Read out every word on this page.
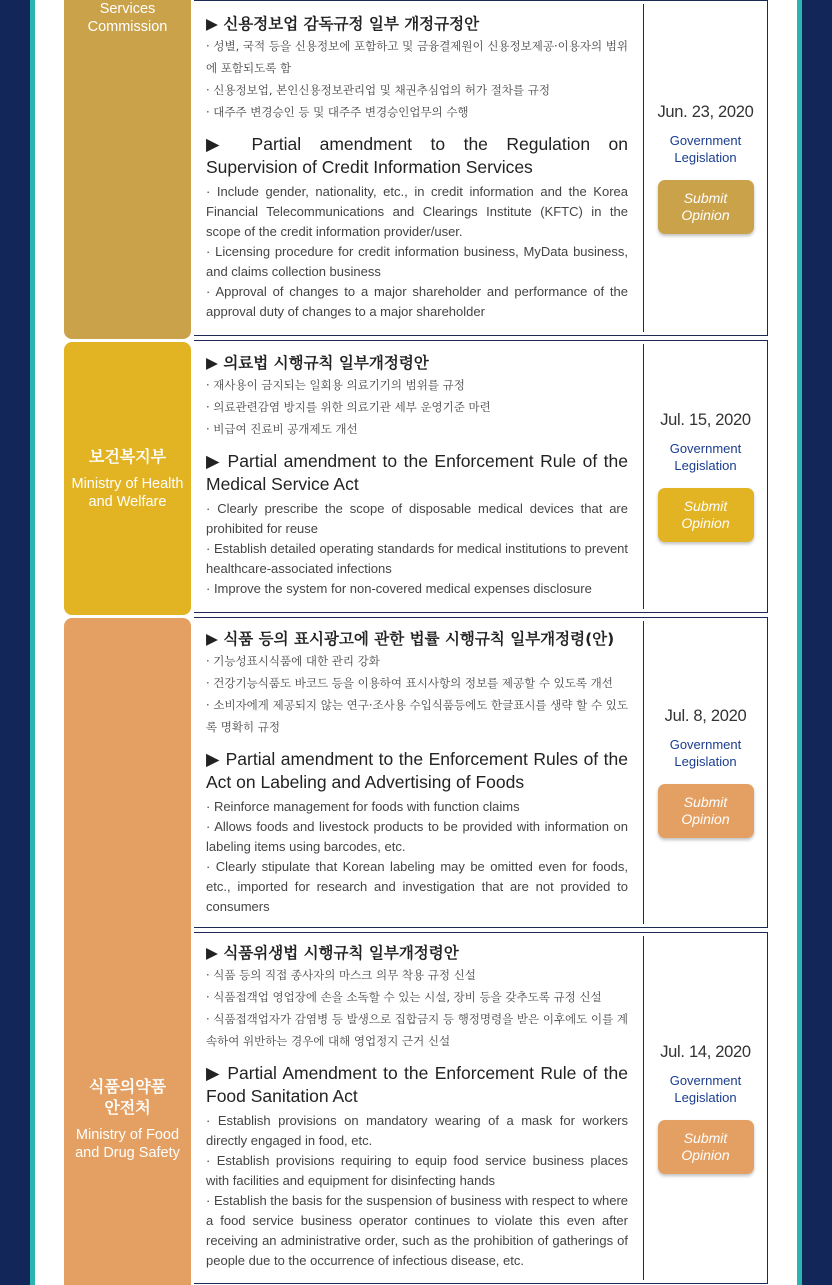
Services
Commission
보건복지부
Ministry of Health
and Welfare
식품의약품
안전처
Ministry of Food
and Drug Safety
▶ 신용정보업 감독규정 일부 개정규정안
· 성별, 국적 등을 신용정보에 포함하고 및 금융결제원이 신용정보제공·이용자의 범위에 포함되도록 함
· 신용정보업, 본인신용정보관리업 및 채권추심업의 허가 절차를 규정
· 대주주 변경승인 등 및 대주주 변경승인업무의 수행
▶ Partial amendment to the Regulation on Supervision of Credit Information Services
· Include gender, nationality, etc., in credit information and the Korea Financial Telecommunications and Clearings Institute (KFTC) in the scope of the credit information provider/user.
· Licensing procedure for credit information business, MyData business, and claims collection business
· Approval of changes to a major shareholder and performance of the approval duty of changes to a major shareholder
Jun. 23, 2020
Government
Legislation
Submit
Opinion
▶ 의료법 시행규칙 일부개정령안
· 재사용이 금지되는 일회용 의료기기의 범위를 규정
· 의료관련감염 방지를 위한 의료기관 세부 운영기준 마련
· 비급여 진료비 공개제도 개선
▶ Partial amendment to the Enforcement Rule of the Medical Service Act
· Clearly prescribe the scope of disposable medical devices that are prohibited for reuse
· Establish detailed operating standards for medical institutions to prevent healthcare-associated infections
· Improve the system for non-covered medical expenses disclosure
Jul. 15, 2020
Government
Legislation
Submit
Opinion
▶ 식품 등의 표시광고에 관한 법률 시행규칙 일부개정령(안)
· 기능성표시식품에 대한 관리 강화
· 건강기능식품도 바코드 등을 이용하여 표시사항의 정보를 제공할 수 있도록 개선
· 소비자에게 제공되지 않는 연구·조사용 수입식품등에도 한글표시를 생략 할 수 있도록 명확히 규정
▶ Partial amendment to the Enforcement Rules of the Act on Labeling and Advertising of Foods
· Reinforce management for foods with function claims
· Allows foods and livestock products to be provided with information on labeling items using barcodes, etc.
· Clearly stipulate that Korean labeling may be omitted even for foods, etc., imported for research and investigation that are not provided to consumers
Jul. 8, 2020
Government
Legislation
Submit
Opinion
▶ 식품위생법 시행규칙 일부개정령안
· 식품 등의 직접 종사자의 마스크 의무 착용 규정 신설
· 식품접객업 영업장에 손을 소독할 수 있는 시설, 장비 등을 갖추도록 규정 신설
· 식품접객업자가 감염병 등 발생으로 집합금지 등 행정명령을 받은 이후에도 이를 계속하여 위반하는 경우에 대해 영업정지 근거 신설
▶ Partial Amendment to the Enforcement Rule of the Food Sanitation Act
· Establish provisions on mandatory wearing of a mask for workers directly engaged in food, etc.
· Establish provisions requiring to equip food service business places with facilities and equipment for disinfecting hands
· Establish the basis for the suspension of business with respect to where a food service business operator continues to violate this even after receiving an administrative order, such as the prohibition of gatherings of people due to the occurrence of infectious disease, etc.
Jul. 14, 2020
Government
Legislation
Submit
Opinion
